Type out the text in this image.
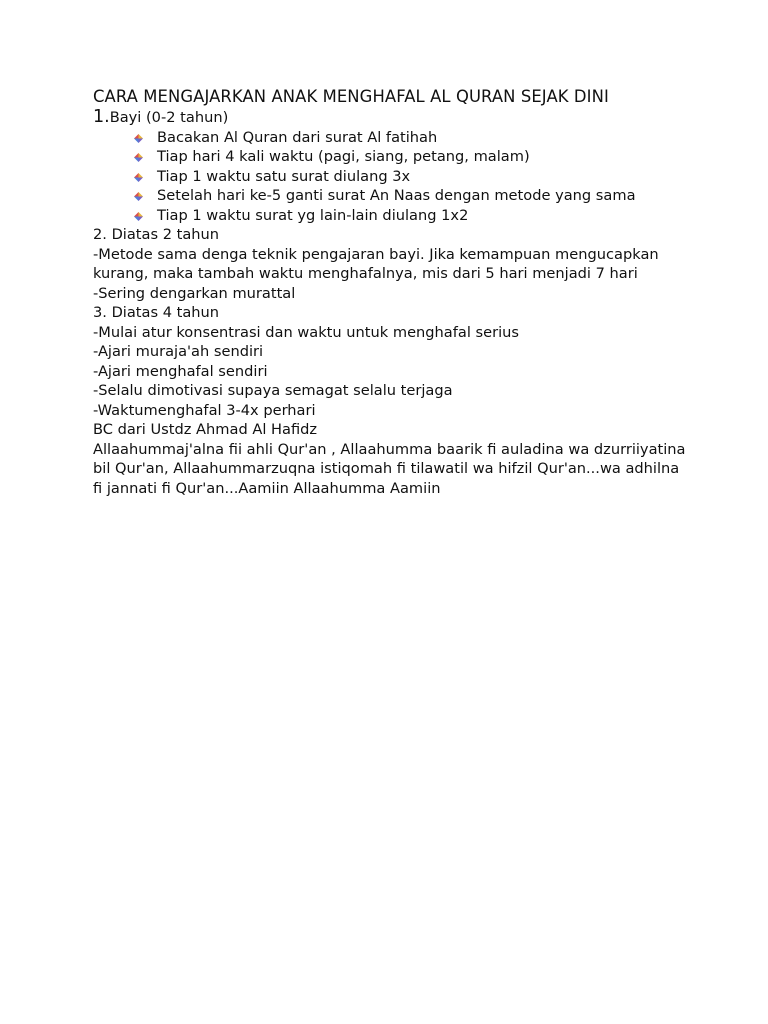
CARA MENGAJARKAN ANAK MENGHAFAL AL QURAN SEJAK DINI

1.Bayi (0-2 tahun)

Bacakan Al Quran dari surat Al fatihah
Tiap hari 4 kali waktu (pagi, siang, petang, malam)
Tiap 1 waktu satu surat diulang 3x
Setelah hari ke-5 ganti surat An Naas dengan metode yang sama
Tiap 1 waktu surat yg lain-lain diulang 1x2

2. Diatas 2 tahun

-Metode sama denga teknik pengajaran bayi. Jika kemampuan mengucapkan kurang, maka tambah waktu menghafalnya, mis dari 5 hari menjadi 7 hari

-Sering dengarkan murattal

3. Diatas 4 tahun

-Mulai atur konsentrasi dan waktu untuk menghafal serius

-Ajari muraja'ah sendiri

-Ajari menghafal sendiri

-Selalu dimotivasi supaya semagat selalu terjaga

-Waktumenghafal 3-4x perhari

BC dari Ustdz Ahmad Al Hafidz

Allaahummaj'alna fii ahli Qur'an , Allaahumma baarik fi auladina wa dzurriiyatina bil Qur'an, Allaahummarzuqna istiqomah fi tilawatil wa hifzil Qur'an...wa adhilna fi jannati fi Qur'an...Aamiin Allaahumma Aamiin
